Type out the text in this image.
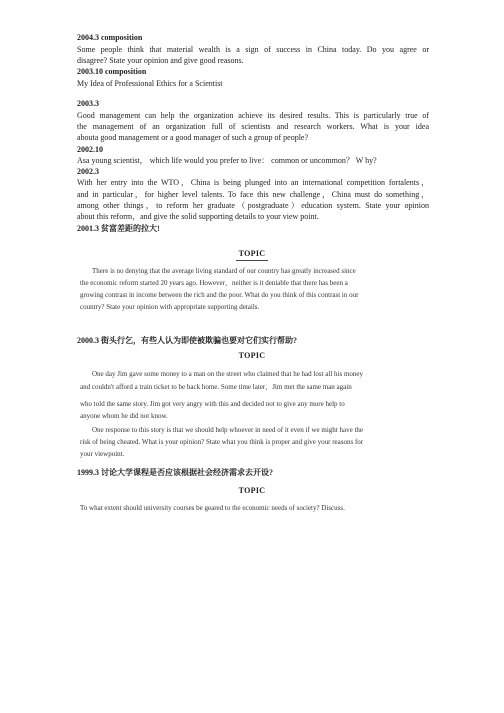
2004.3 composition
Some people think that material wealth is a sign of success in China today. Do you agree or
disagree? State your opinion and give good reasons.
2003.10 composition
My Idea of Professional Ethics for a Scientist
2003.3
Good management can help the organization achieve its desired results. This is particularly true of
the management of an organization full of scientists and research workers. What is your idea
abouta good management or a good manager of such a group of people?
2002.10
Asa young scientist， which life would you prefer to live： common or uncommon？ W hy?
2002.3
With her entry into the WTO，China is being plunged into an international competition fortalents，
and in particular，for higher level talents. To face this new challenge，China must do something，
among other things，to reform her graduate（postgraduate）education system. State your opinion
about this reform，and give the solid supporting details to your view point.
2001.3 贫富差距的拉大!
TOPIC
There is no denying that the average living standard of our country has greatly increased since
the economic reform started 20 years ago. However，neither is it deniable that there has been a
growing contrast in income between the rich and the poor. What do you think of this contrast in our
country? State your opinion with appropriate supporting details.
2000.3 街头行乞，有些人认为即使被欺骗也要对它们实行帮助?
TOPIC
One day Jim gave some money to a man on the street who claimed that he had lost all his money
and couldn't afford a train ticket to be back home. Some time later，Jim met the same man again
who told the same story. Jim got very angry with this and decided not to give any more help to
anyone whom he did not know.
One response to this story is that we should help whoever in need of it even if we might have the
risk of being cheated. What is your opinion? State what you think is proper and give your reasons for
your viewpoint.
1999.3 讨论大学课程是否应该根据社会经济需求去开设?
TOPIC
To what extent should university courses be geared to the economic needs of society? Discuss.
